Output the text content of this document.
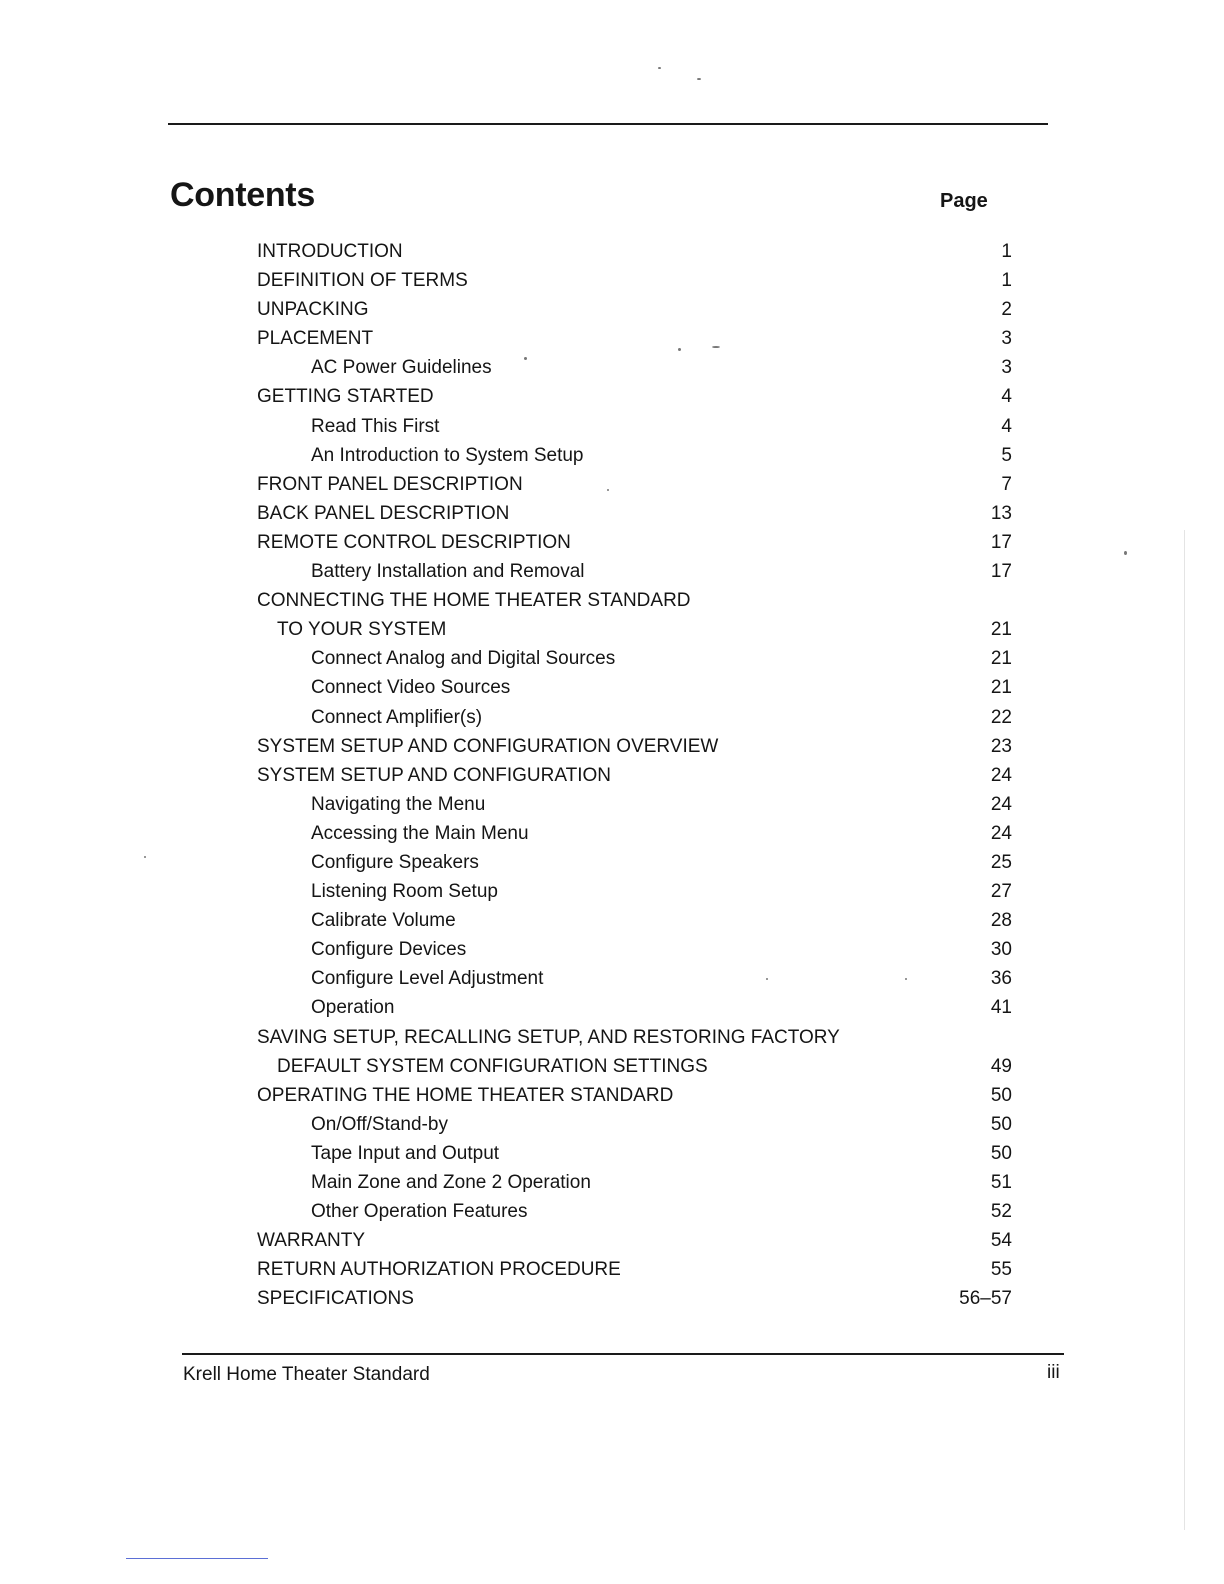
Contents	Page
INTRODUCTION	1
DEFINITION OF TERMS	1
UNPACKING	2
PLACEMENT	3
AC Power Guidelines	3
GETTING STARTED	4
Read This First	4
An Introduction to System Setup	5
FRONT PANEL DESCRIPTION	7
BACK PANEL DESCRIPTION	13
REMOTE CONTROL DESCRIPTION	17
Battery Installation and Removal	17
CONNECTING THE HOME THEATER STANDARD
TO YOUR SYSTEM	21
Connect Analog and Digital Sources	21
Connect Video Sources	21
Connect Amplifier(s)	22
SYSTEM SETUP AND CONFIGURATION OVERVIEW	23
SYSTEM SETUP AND CONFIGURATION	24
Navigating the Menu	24
Accessing the Main Menu	24
Configure Speakers	25
Listening Room Setup	27
Calibrate Volume	28
Configure Devices	30
Configure Level Adjustment	36
Operation	41
SAVING SETUP, RECALLING SETUP, AND RESTORING FACTORY
DEFAULT SYSTEM CONFIGURATION SETTINGS	49
OPERATING THE HOME THEATER STANDARD	50
On/Off/Stand-by	50
Tape Input and Output	50
Main Zone and Zone 2 Operation	51
Other Operation Features	52
WARRANTY	54
RETURN AUTHORIZATION PROCEDURE	55
SPECIFICATIONS	56–57
Krell Home Theater Standard	iii
